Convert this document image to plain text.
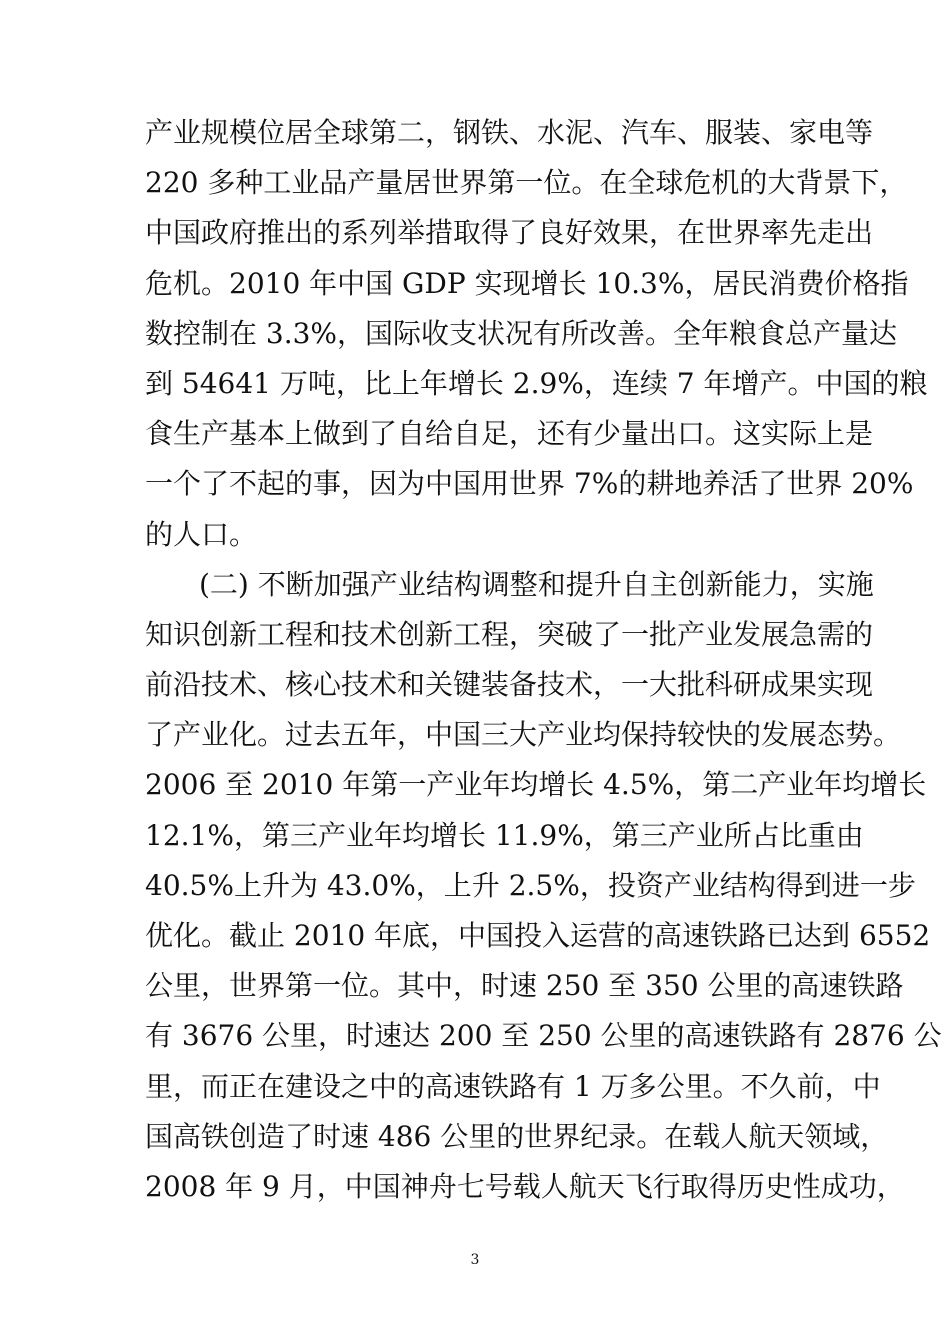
产业规模位居全球第二，钢铁、水泥、汽车、服装、家电等
220 多种工业品产量居世界第一位。在全球危机的大背景下，
中国政府推出的系列举措取得了良好效果，在世界率先走出
危机。2010 年中国 GDP 实现增长 10.3%，居民消费价格指
数控制在 3.3%，国际收支状况有所改善。全年粮食总产量达
到 54641 万吨，比上年增长 2.9%，连续 7 年增产。中国的粮
食生产基本上做到了自给自足，还有少量出口。这实际上是
一个了不起的事，因为中国用世界 7%的耕地养活了世界 20%
的人口。
(二) 不断加强产业结构调整和提升自主创新能力，实施
知识创新工程和技术创新工程，突破了一批产业发展急需的
前沿技术、核心技术和关键装备技术，一大批科研成果实现
了产业化。过去五年，中国三大产业均保持较快的发展态势。
2006 至 2010 年第一产业年均增长 4.5%，第二产业年均增长
12.1%，第三产业年均增长 11.9%，第三产业所占比重由
40.5%上升为 43.0%，上升 2.5%，投资产业结构得到进一步
优化。截止 2010 年底，中国投入运营的高速铁路已达到 6552
公里，世界第一位。其中，时速 250 至 350 公里的高速铁路
有 3676 公里，时速达 200 至 250 公里的高速铁路有 2876 公
里，而正在建设之中的高速铁路有 1 万多公里。不久前，中
国高铁创造了时速 486 公里的世界纪录。在载人航天领域，
2008 年 9 月，中国神舟七号载人航天飞行取得历史性成功，
3
